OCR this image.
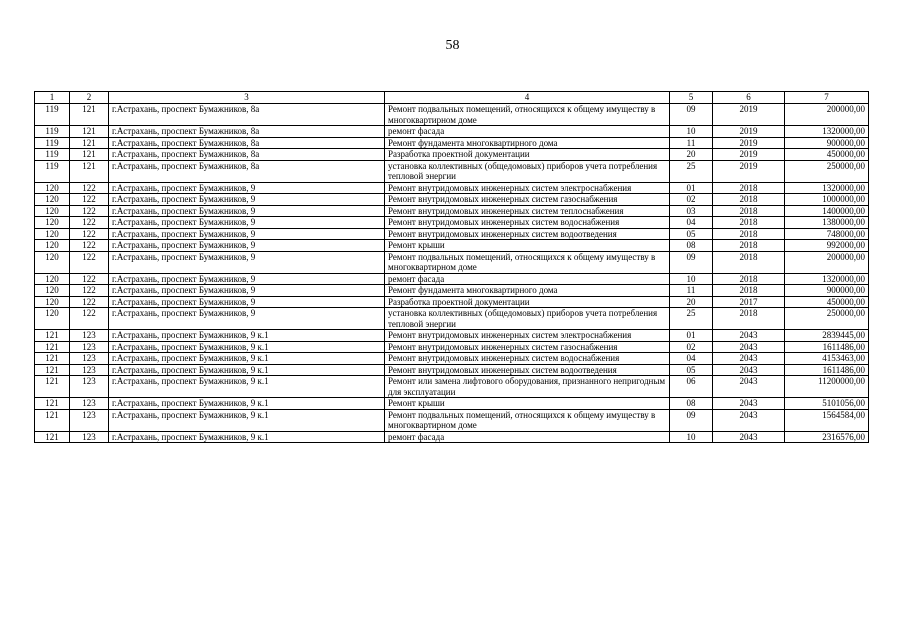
58
1	2	3	4	5	6	7
119	121	г.Астрахань, проспект Бумажников, 8а	Ремонт подвальных помещений, относящихся к общему имуществу в многоквартирном доме	09	2019	200000,00
119	121	г.Астрахань, проспект Бумажников, 8а	ремонт фасада	10	2019	1320000,00
119	121	г.Астрахань, проспект Бумажников, 8а	Ремонт фундамента многоквартирного дома	11	2019	900000,00
119	121	г.Астрахань, проспект Бумажников, 8а	Разработка проектной документации	20	2019	450000,00
119	121	г.Астрахань, проспект Бумажников, 8а	установка коллективных (общедомовых) приборов учета потребления тепловой энергии	25	2019	250000,00
120	122	г.Астрахань, проспект Бумажников, 9	Ремонт внутридомовых инженерных систем электроснабжения	01	2018	1320000,00
120	122	г.Астрахань, проспект Бумажников, 9	Ремонт внутридомовых инженерных систем газоснабжения	02	2018	1000000,00
120	122	г.Астрахань, проспект Бумажников, 9	Ремонт внутридомовых инженерных систем теплоснабжения	03	2018	1400000,00
120	122	г.Астрахань, проспект Бумажников, 9	Ремонт внутридомовых инженерных систем водоснабжения	04	2018	1380000,00
120	122	г.Астрахань, проспект Бумажников, 9	Ремонт внутридомовых инженерных систем водоотведения	05	2018	748000,00
120	122	г.Астрахань, проспект Бумажников, 9	Ремонт крыши	08	2018	992000,00
120	122	г.Астрахань, проспект Бумажников, 9	Ремонт подвальных помещений, относящихся к общему имуществу в многоквартирном доме	09	2018	200000,00
120	122	г.Астрахань, проспект Бумажников, 9	ремонт фасада	10	2018	1320000,00
120	122	г.Астрахань, проспект Бумажников, 9	Ремонт фундамента многоквартирного дома	11	2018	900000,00
120	122	г.Астрахань, проспект Бумажников, 9	Разработка проектной документации	20	2017	450000,00
120	122	г.Астрахань, проспект Бумажников, 9	установка коллективных (общедомовых) приборов учета потребления тепловой энергии	25	2018	250000,00
121	123	г.Астрахань, проспект Бумажников, 9 к.1	Ремонт внутридомовых инженерных систем электроснабжения	01	2043	2839445,00
121	123	г.Астрахань, проспект Бумажников, 9 к.1	Ремонт внутридомовых инженерных систем газоснабжения	02	2043	1611486,00
121	123	г.Астрахань, проспект Бумажников, 9 к.1	Ремонт внутридомовых инженерных систем водоснабжения	04	2043	4153463,00
121	123	г.Астрахань, проспект Бумажников, 9 к.1	Ремонт внутридомовых инженерных систем водоотведения	05	2043	1611486,00
121	123	г.Астрахань, проспект Бумажников, 9 к.1	Ремонт или замена лифтового оборудования, признанного непригодным для эксплуатации	06	2043	11200000,00
121	123	г.Астрахань, проспект Бумажников, 9 к.1	Ремонт крыши	08	2043	5101056,00
121	123	г.Астрахань, проспект Бумажников, 9 к.1	Ремонт подвальных помещений, относящихся к общему имуществу в многоквартирном доме	09	2043	1564584,00
121	123	г.Астрахань, проспект Бумажников, 9 к.1	ремонт фасада	10	2043	2316576,00
